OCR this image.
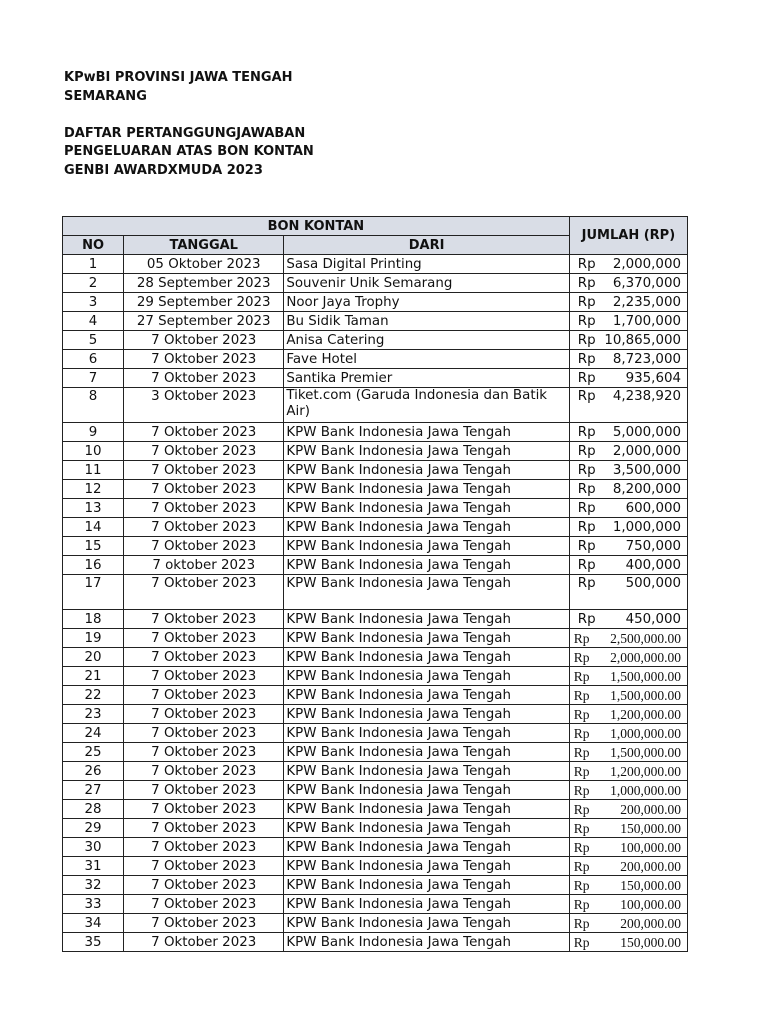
KPwBI PROVINSI JAWA TENGAH
SEMARANG
DAFTAR PERTANGGUNGJAWABAN
PENGELUARAN ATAS BON KONTAN
GENBI AWARDXMUDA 2023
BON KONTAN			JUMLAH (RP)
NO	TANGGAL	DARI	
1	05 Oktober 2023	Sasa Digital Printing	Rp 2,000,000

2	28 September 2023	Souvenir Unik Semarang	Rp 6,370,000

3	29 September 2023	Noor Jaya Trophy	Rp 2,235,000

4	27 September 2023	Bu Sidik Taman	Rp 1,700,000

5	7 Oktober 2023	Anisa Catering	Rp 10,865,000

6	7 Oktober 2023	Fave Hotel	Rp 8,723,000

7	7 Oktober 2023	Santika Premier	Rp 935,604

8	3 Oktober 2023	Tiket.com (Garuda Indonesia dan Batik Air)	Rp 4,238,920

9	7 Oktober 2023	KPW Bank Indonesia Jawa Tengah	Rp 5,000,000

10	7 Oktober 2023	KPW Bank Indonesia Jawa Tengah	Rp 2,000,000

11	7 Oktober 2023	KPW Bank Indonesia Jawa Tengah	Rp 3,500,000

12	7 Oktober 2023	KPW Bank Indonesia Jawa Tengah	Rp 8,200,000

13	7 Oktober 2023	KPW Bank Indonesia Jawa Tengah	Rp 600,000

14	7 Oktober 2023	KPW Bank Indonesia Jawa Tengah	Rp 1,000,000

15	7 Oktober 2023	KPW Bank Indonesia Jawa Tengah	Rp 750,000

16	7 oktober 2023	KPW Bank Indonesia Jawa Tengah	Rp 400,000

17	7 Oktober 2023	KPW Bank Indonesia Jawa Tengah	Rp 500,000

18	7 Oktober 2023	KPW Bank Indonesia Jawa Tengah	Rp 450,000

19	7 Oktober 2023	KPW Bank Indonesia Jawa Tengah	Rp 2,500,000.00

20	7 Oktober 2023	KPW Bank Indonesia Jawa Tengah	Rp 2,000,000.00

21	7 Oktober 2023	KPW Bank Indonesia Jawa Tengah	Rp 1,500,000.00

22	7 Oktober 2023	KPW Bank Indonesia Jawa Tengah	Rp 1,500,000.00

23	7 Oktober 2023	KPW Bank Indonesia Jawa Tengah	Rp 1,200,000.00

24	7 Oktober 2023	KPW Bank Indonesia Jawa Tengah	Rp 1,000,000.00

25	7 Oktober 2023	KPW Bank Indonesia Jawa Tengah	Rp 1,500,000.00

26	7 Oktober 2023	KPW Bank Indonesia Jawa Tengah	Rp 1,200,000.00

27	7 Oktober 2023	KPW Bank Indonesia Jawa Tengah	Rp 1,000,000.00

28	7 Oktober 2023	KPW Bank Indonesia Jawa Tengah	Rp 200,000.00

29	7 Oktober 2023	KPW Bank Indonesia Jawa Tengah	Rp 150,000.00

30	7 Oktober 2023	KPW Bank Indonesia Jawa Tengah	Rp 100,000.00

31	7 Oktober 2023	KPW Bank Indonesia Jawa Tengah	Rp 200,000.00

32	7 Oktober 2023	KPW Bank Indonesia Jawa Tengah	Rp 150,000.00

33	7 Oktober 2023	KPW Bank Indonesia Jawa Tengah	Rp 100,000.00

34	7 Oktober 2023	KPW Bank Indonesia Jawa Tengah	Rp 200,000.00

35	7 Oktober 2023	KPW Bank Indonesia Jawa Tengah	Rp 150,000.00
